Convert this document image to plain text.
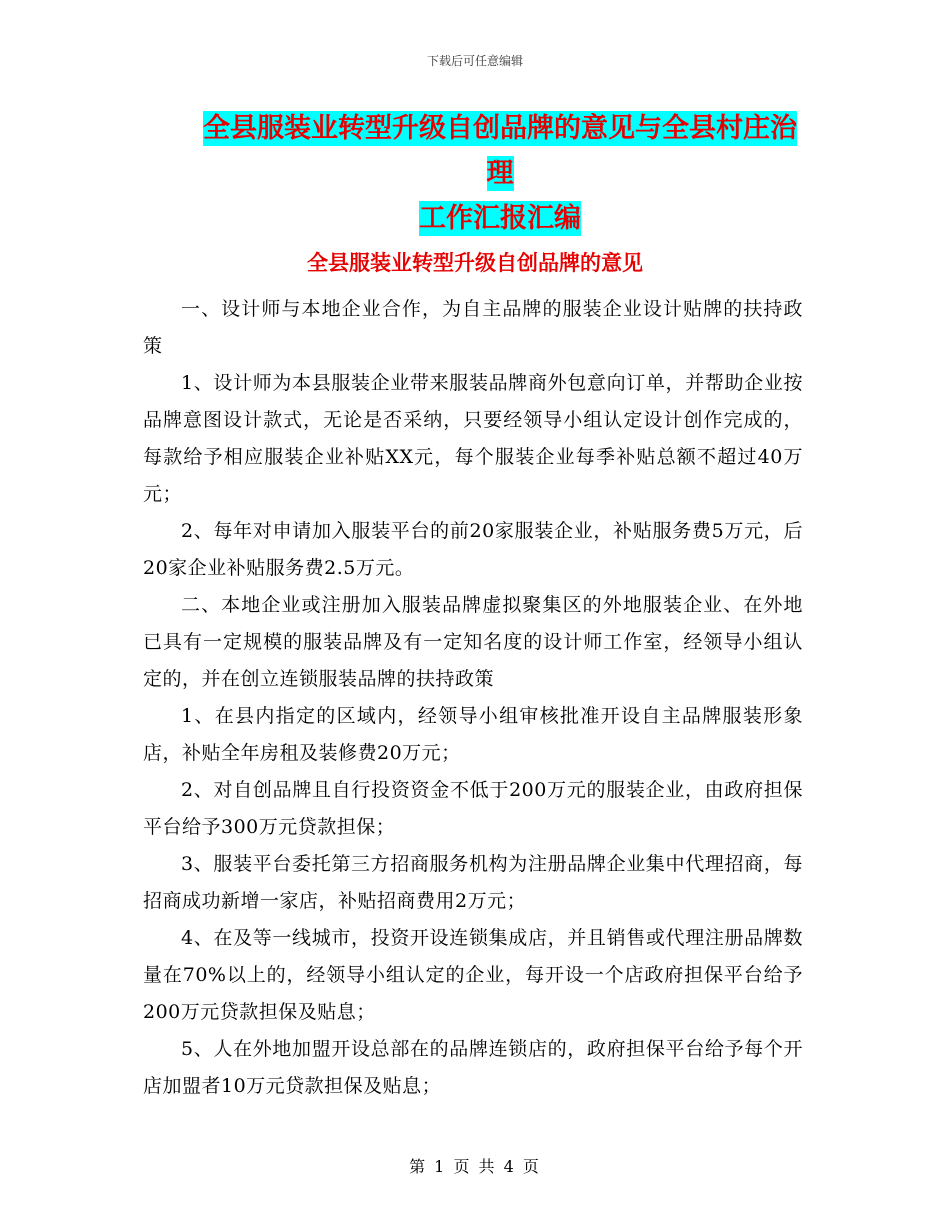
下载后可任意编辑
全县服装业转型升级自创品牌的意见与全县村庄治理
工作汇报汇编
全县服装业转型升级自创品牌的意见

一、设计师与本地企业合作，为自主品牌的服装企业设计贴牌的扶持政策

1、设计师为本县服装企业带来服装品牌商外包意向订单，并帮助企业按品牌意图设计款式，无论是否采纳，只要经领导小组认定设计创作完成的，每款给予相应服装企业补贴XX元，每个服装企业每季补贴总额不超过40万元；

2、每年对申请加入服装平台的前20家服装企业，补贴服务费5万元，后20家企业补贴服务费2.5万元。

二、本地企业或注册加入服装品牌虚拟聚集区的外地服装企业、在外地已具有一定规模的服装品牌及有一定知名度的设计师工作室，经领导小组认定的，并在创立连锁服装品牌的扶持政策

1、在县内指定的区域内，经领导小组审核批准开设自主品牌服装形象店，补贴全年房租及装修费20万元；

2、对自创品牌且自行投资资金不低于200万元的服装企业，由政府担保平台给予300万元贷款担保；

3、服装平台委托第三方招商服务机构为注册品牌企业集中代理招商，每招商成功新增一家店，补贴招商费用2万元；

4、在及等一线城市，投资开设连锁集成店，并且销售或代理注册品牌数量在70%以上的，经领导小组认定的企业，每开设一个店政府担保平台给予200万元贷款担保及贴息；

5、人在外地加盟开设总部在的品牌连锁店的，政府担保平台给予每个开店加盟者10万元贷款担保及贴息；

第 1 页 共 4 页
